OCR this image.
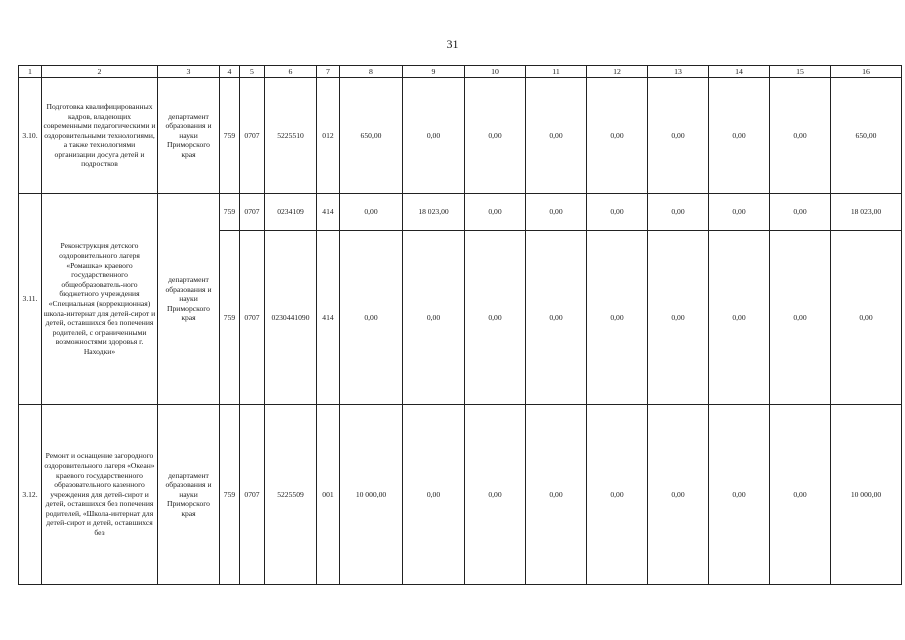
31
1	2	3	4	5	6	7	8	9	10	11	12	13	14	15	16
3.10.	Подготовка квалифицированных кадров, владеющих современными педагогическими и оздоровительными технологиями, а также технологиями организации досуга детей и подростков	департамент образования и науки Приморского края	759	0707	5225510	012	650,00	0,00	0,00	0,00	0,00	0,00	0,00	0,00	650,00
3.11.	Реконструкция детского оздоровительного лагеря «Ромашка» краевого государственного общеобразователь-ного бюджетного учреждения «Специальная (коррекционная) школа-интернат для детей-сирот и детей, оставшихся без попечения родителей, с ограниченными возможностями здоровья г. Находки»	департамент образования и науки Приморского края	759	0707	0234109	414	0,00	18 023,00	0,00	0,00	0,00	0,00	0,00	0,00	18 023,00
			759	0707	0230441090	414	0,00	0,00	0,00	0,00	0,00	0,00	0,00	0,00	0,00
3.12.	Ремонт и оснащение загородного оздоровительного лагеря «Океан» краевого государственного образовательного казенного учреждения для детей-сирот и детей, оставшихся без попечения родителей, «Школа-интернат для детей-сирот и детей, оставшихся без	департамент образования и науки Приморского края	759	0707	5225509	001	10 000,00	0,00	0,00	0,00	0,00	0,00	0,00	0,00	10 000,00
